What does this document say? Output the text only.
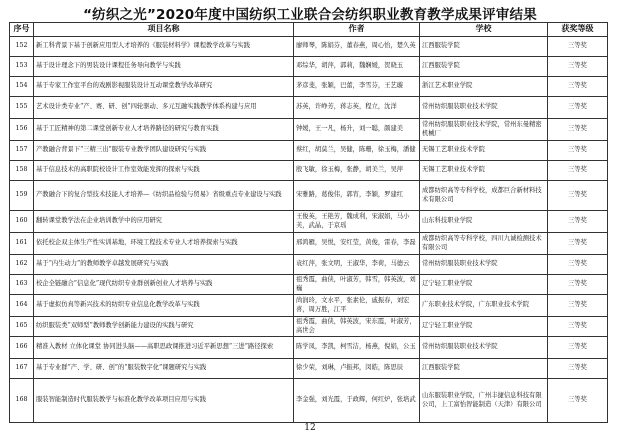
“纺织之光”2020年度中国纺织工业联合会纺织职业教育教学成果评审结果
序号	项目名称	作者	学校	获奖等级
152	新工科背景下基于创新应用型人才培养的《服装材料学》课程教学改革与实践	廖师琴，陈娟芬，董春燕，周心怡，楚久英	江西服装学院	三等奖
153	基于设计理念下的男装设计课程任务导向教学与实践	邓综华，胡萍，郭莉，魏娴媛，贺晓玉	江西服装学院	三等奖
154	基于专家工作室平台的戏剧影视服装设计互动课堂教学改革研究	茅彦斐，张颖，巴蕾，李雪芬，王艺璇	浙江艺术职业学院	三等奖
155	艺术设计类专业“产、赛、研、创”四轮驱动、多元互融实践教学体系构建与应用	苏英，许峥芳，蒋志英，程立，沈洋	常州纺织服装职业技术学院	三等奖
156	基于工匠精神的第二课堂创新专业人才培养路径的研究与教育实践	钟媛，王一凡，杨升，刘一聪，颜建美	常州纺织服装职业技术学院，常州东曼精密机械厂	三等奖
157	产教融合背景下“三精三出”服装专业教学团队建设研究与实践	蔡红，胡莫兰，吴健，陈珊，徐玉梅，潘健	无锡工艺职业技术学院	三等奖
158	基于信息技术的高职院校设计工作室效能发挥的探索与实践	殷飞敏，徐玉梅，张静，胡美兰，吴萍	无锡工艺职业技术学院	三等奖
159	产教融合下的复合型技术技能人才培养—《纺织品检验与贸易》省级重点专业建设与实践	宋雅路，葛俊伟，郭宵，李颖，罗建红	成都纺织高等专科学校，成都巨合新材料技术有限公司	三等奖
160	翻转课堂教学法在企业培训教学中的应用研究	王俊英，王艳芳，魏成利，宋淑娟，马小芙，武晶，于京瑶	山东科技职业学院	三等奖
161	依托校企双主体生产性实训基地，环境工程技术专业人才培养探索与实践	邢鸿雁，吴悦，安红莹，黄俊，雷春，李磊	成都纺织高等专科学校，四川九诚检测技术有限公司	三等奖
162	基于“内生动力”的教师教学卓越发展研究与实践	袁红萍，张文明，王淑华，李荷，马德云	常州纺织服装职业技术学院	三等奖
163	校企全链融合“信息化”现代纺织专业群创新创业人才培养与实践	祖秀霞，曲侠，叶淑芳，韩雪，韩英波，刘巍	辽宁轻工职业学院	三等奖
164	基于虚拟仿真等新兴技术的纺织专业信息化教学改革与实践	尚润玲，文水平，张素伦，戚振春，刘宏喜，周万胜，江平	广东职业技术学院，广东职业技术学院	三等奖
165	纺织服装类“双师型”教师教学创新能力建设的实践与研究	祖秀霞，曲侠，韩英波，宋东霞，叶淑芳，高世会	辽宁轻工职业学院	三等奖
166	精准入教材 立体化课堂 协同进头脑——高职思政课推进习近平新思想“三进”路径探索	陈学凤，李凯，柯雪洁，杨燕，倪娟，公玉	常州纺织服装职业技术学院	三等奖
167	基于专业群“产、学、研、创”的“服装数字化”课题研究与实践	徐少荣，刘琳，卢振邦，闵皓，陈思辰	江西服装学院	三等奖
168	服装智能制造时代服装教学与标准化教学改革项目应用与实践	李金强，刘光霞，于政辉，何红炉，张培武	山东服装职业学院，广州丰捷信息科技有限公司，上工富怡智能制造（天津）有限公司	三等奖
12
